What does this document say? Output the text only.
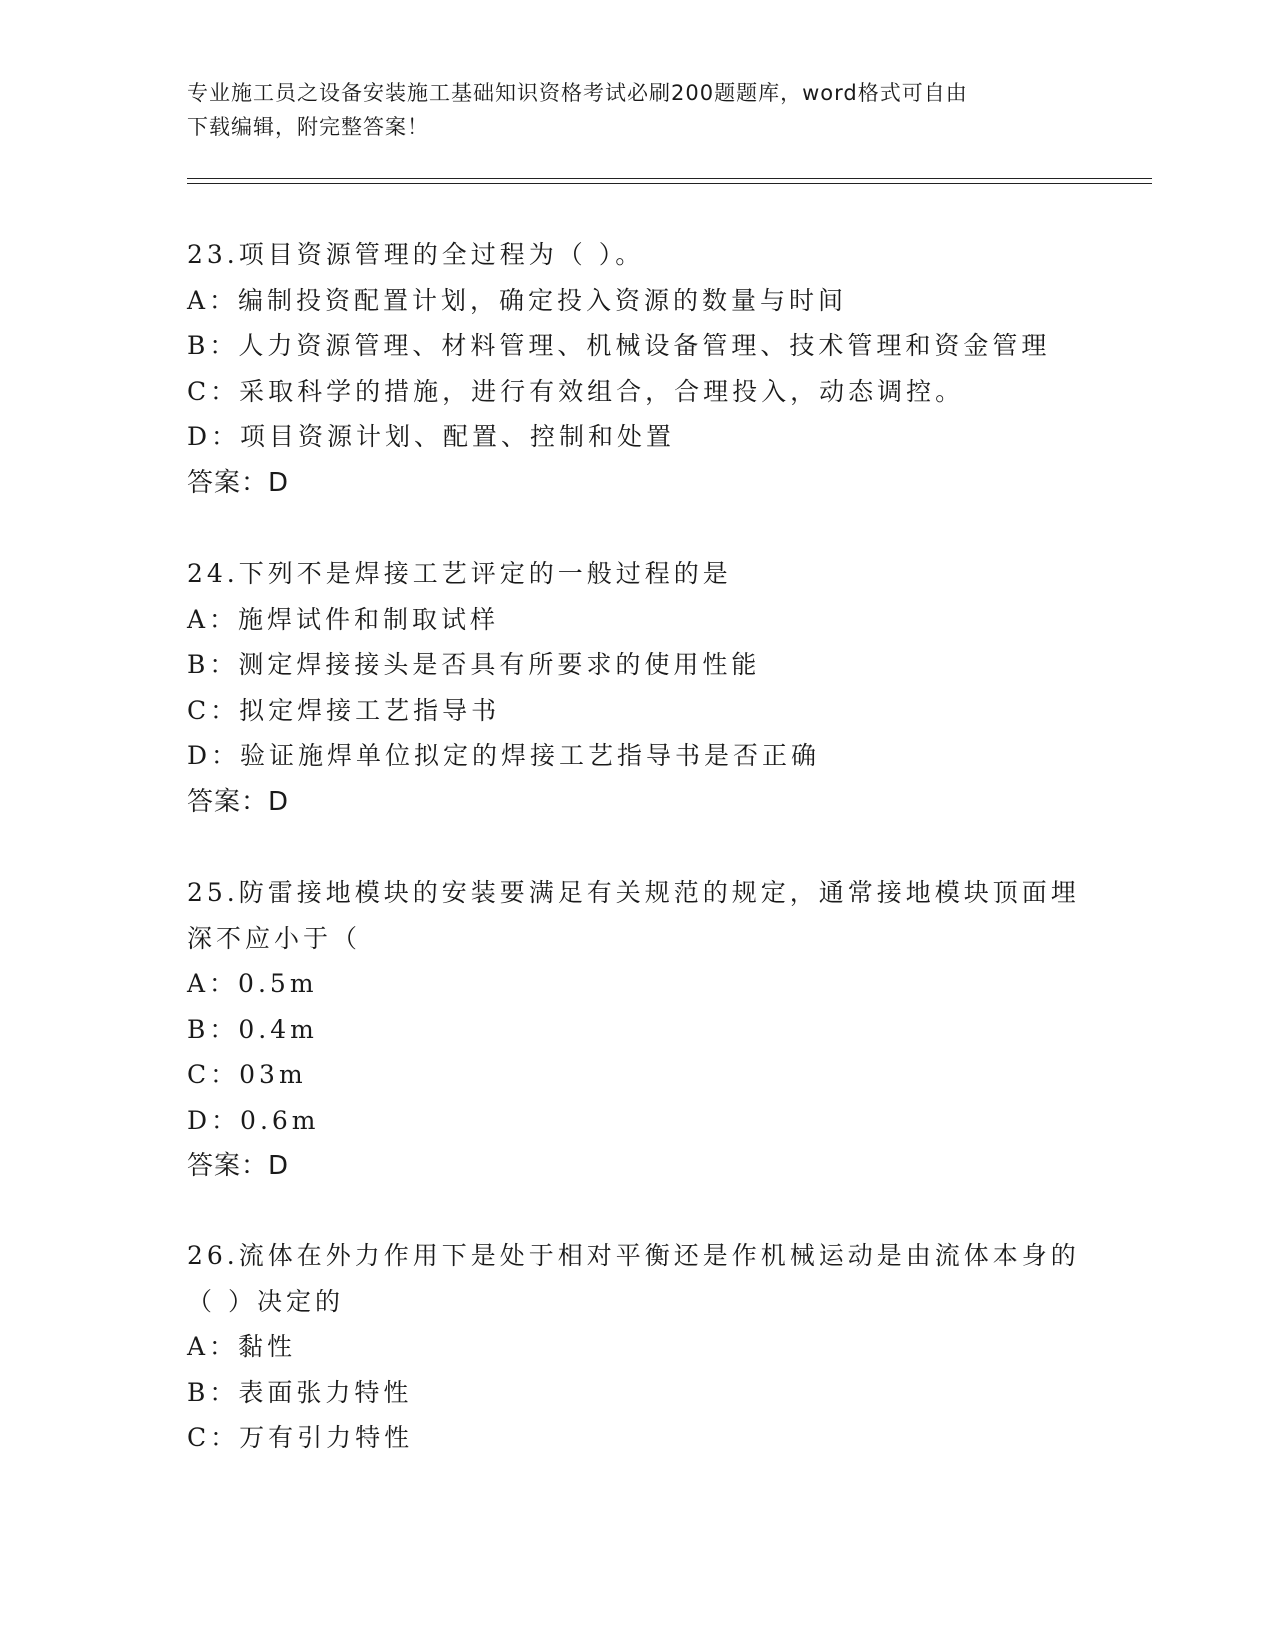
专业施工员之设备安装施工基础知识资格考试必刷200题题库，word格式可自由
下载编辑，附完整答案！
23.项目资源管理的全过程为（ ）。
A：编制投资配置计划，确定投入资源的数量与时间
B：人力资源管理、材料管理、机械设备管理、技术管理和资金管理
C：采取科学的措施，进行有效组合，合理投入，动态调控。
D：项目资源计划、配置、控制和处置
答案：D
24.下列不是焊接工艺评定的一般过程的是
A：施焊试件和制取试样
B：测定焊接接头是否具有所要求的使用性能
C：拟定焊接工艺指导书
D：验证施焊单位拟定的焊接工艺指导书是否正确
答案：D
25.防雷接地模块的安装要满足有关规范的规定，通常接地模块顶面埋
深不应小于（
A：0.5m
B：0.4m
C：03m
D：0.6m
答案：D
26.流体在外力作用下是处于相对平衡还是作机械运动是由流体本身的
（ ）决定的
A：黏性
B：表面张力特性
C：万有引力特性
